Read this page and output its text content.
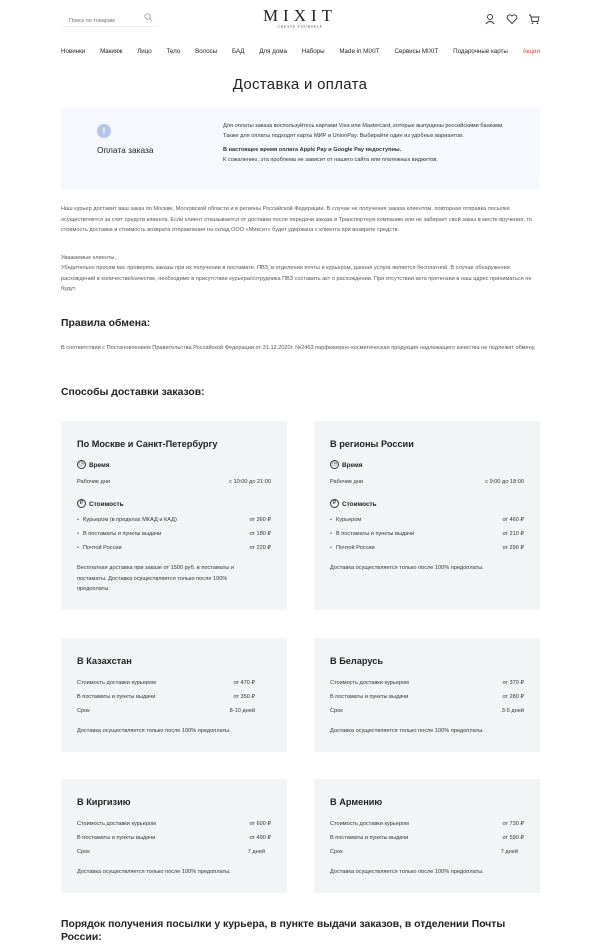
Поиск по товарам
MIXIT
CREATE YOURSELF
Новинки Макияж Лицо Тело Волосы БАД Для дома Наборы Made in MIXIT Сервисы MIXIT Подарочные карты Акции
Доставка и оплата
!
Оплата заказа
Для оплаты заказа воспользуйтесь картами Visa или Mastercard, которые выпущены российскими банками. Также для оплаты подходят карты МИР и UnionPay. Выбирайте один из удобных вариантов.
В настоящее время оплата Apple Pay и Google Pay недоступны.
К сожалению, эта проблема не зависит от нашего сайта или платежных виджетов.
Наш курьер доставит ваш заказ по Москве, Московской области и в регионы Российской Федерации. В случае не получения заказа клиентом, повторная отправка посылки осуществляется за счет средств клиента. Если клиент отказывается от доставки после передачи заказа в Транспортную компанию или не забирает свой заказ в месте вручения, то стоимость доставки и стоимость возврата отправления на склад ООО «Миксит» будет удержана с клиента при возврате средств.
Уважаемые клиенты,
Убедительно просим вас проверять заказы при их получении в постамате, ПВЗ, в отделении почты и курьером, данная услуга является бесплатной. В случае обнаружения расхождений в количестве/качестве, необходимо в присутствии курьера/сотрудника ПВЗ составить акт о расхождении. При отсутствии акта претензии в наш адрес приниматься не будут.
Правила обмена:
В соответствии с Постановлением Правительства Российской Федерации от 31.12.2020г. №2463 парфюмерно-косметическая продукция надлежащего качества не подлежит обмену.
Способы доставки заказов:
По Москве и Санкт-Петербургу
◷ Время
Рабочие дни	с 10:00 до 21:00
₽ Стоимость
• Курьером (в пределах МКАД и КАД)	от 360 ₽
• В постаматы и пункты выдачи	от 180 ₽
• Почтой России	от 220 ₽
Бесплатная доставка при заказе от 1500 руб. в постаматы и постаматы. Доставка осуществляется только после 100% предоплаты.
В регионы России
◷ Время
Рабочие дни	с 9:00 до 18:00
₽ Стоимость
• Курьером	от 460 ₽
• В постаматы и пункты выдачи	от 210 ₽
• Почтой России	от 290 ₽
Доставка осуществляется только после 100% предоплаты.
В Казахстан
Стоимость доставки курьером	от 470 ₽
В постаматы и пункты выдачи	от 350 ₽
Срок	8-10 дней
Доставка осуществляется только после 100% предоплаты.
В Беларусь
Стоимость доставки курьером	от 370 ₽
В постаматы и пункты выдачи	от 280 ₽
Срок	3-5 дней
Доставка осуществляется только после 100% предоплаты.
В Киргизию
Стоимость доставки курьером	от 600 ₽
В постаматы и пункты выдачи	от 490 ₽
Срок	7 дней
Доставка осуществляется только после 100% предоплаты.
В Армению
Стоимость доставки курьером	от 730 ₽
В постаматы и пункты выдачи	от 590 ₽
Срок	7 дней
Доставка осуществляется только после 100% предоплаты.
Порядок получения посылки у курьера, в пункте выдачи заказов, в отделении Почты России:
